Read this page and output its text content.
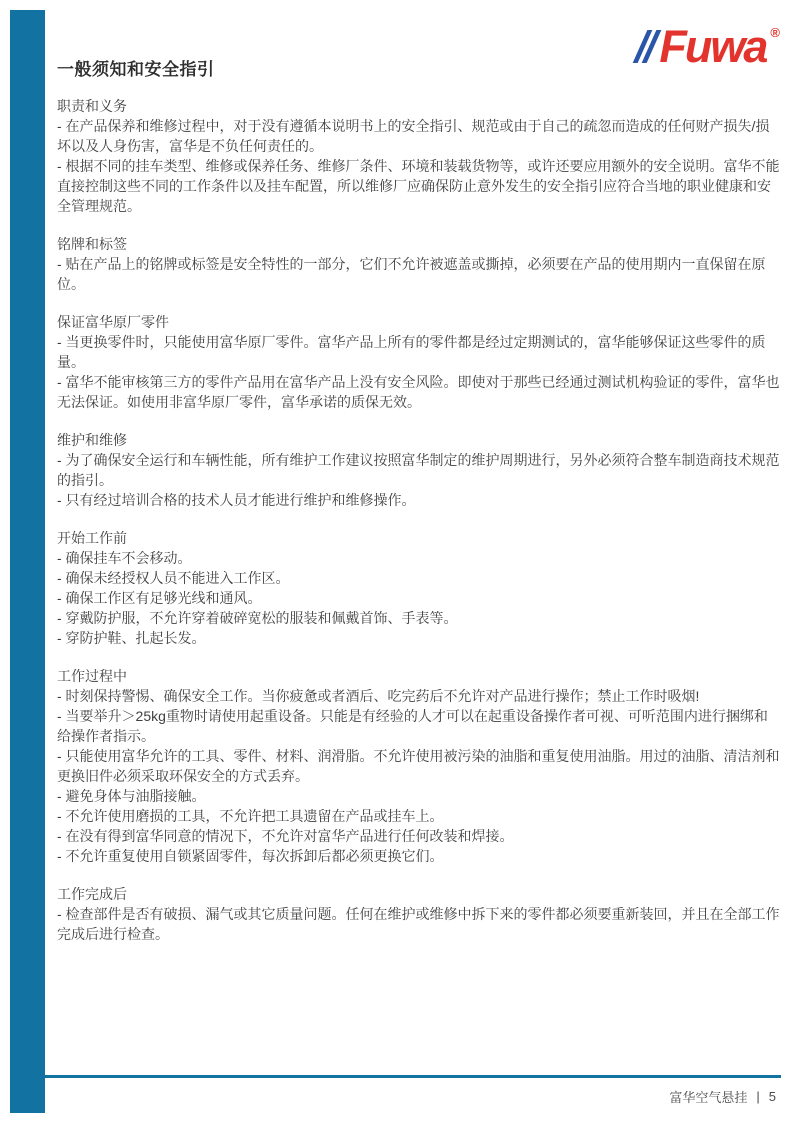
Fuwa ®
一般须知和安全指引
职责和义务
- 在产品保养和维修过程中，对于没有遵循本说明书上的安全指引、规范或由于自己的疏忽而造成的任何财产损失/损坏以及人身伤害，富华是不负任何责任的。
- 根据不同的挂车类型、维修或保养任务、维修厂条件、环境和装载货物等，或许还要应用额外的安全说明。富华不能直接控制这些不同的工作条件以及挂车配置，所以维修厂应确保防止意外发生的安全指引应符合当地的职业健康和安全管理规范。
铭牌和标签
- 贴在产品上的铭牌或标签是安全特性的一部分，它们不允许被遮盖或撕掉，必须要在产品的使用期内一直保留在原位。
保证富华原厂零件
- 当更换零件时，只能使用富华原厂零件。富华产品上所有的零件都是经过定期测试的，富华能够保证这些零件的质量。
- 富华不能审核第三方的零件产品用在富华产品上没有安全风险。即使对于那些已经通过测试机构验证的零件，富华也无法保证。如使用非富华原厂零件，富华承诺的质保无效。
维护和维修
- 为了确保安全运行和车辆性能，所有维护工作建议按照富华制定的维护周期进行，另外必须符合整车制造商技术规范的指引。
- 只有经过培训合格的技术人员才能进行维护和维修操作。
开始工作前
- 确保挂车不会移动。
- 确保未经授权人员不能进入工作区。
- 确保工作区有足够光线和通风。
- 穿戴防护服，不允许穿着破碎宽松的服装和佩戴首饰、手表等。
- 穿防护鞋、扎起长发。
工作过程中
- 时刻保持警惕、确保安全工作。当你疲惫或者酒后、吃完药后不允许对产品进行操作；禁止工作时吸烟!
- 当要举升＞25kg重物时请使用起重设备。只能是有经验的人才可以在起重设备操作者可视、可听范围内进行捆绑和给操作者指示。
- 只能使用富华允许的工具、零件、材料、润滑脂。不允许使用被污染的油脂和重复使用油脂。用过的油脂、清洁剂和更换旧件必须采取环保安全的方式丢弃。
- 避免身体与油脂接触。
- 不允许使用磨损的工具，不允许把工具遗留在产品或挂车上。
- 在没有得到富华同意的情况下，不允许对富华产品进行任何改装和焊接。
- 不允许重复使用自锁紧固零件，每次拆卸后都必须更换它们。
工作完成后
- 检查部件是否有破损、漏气或其它质量问题。任何在维护或维修中拆下来的零件都必须要重新装回，并且在全部工作完成后进行检查。
富华空气悬挂 | 5
